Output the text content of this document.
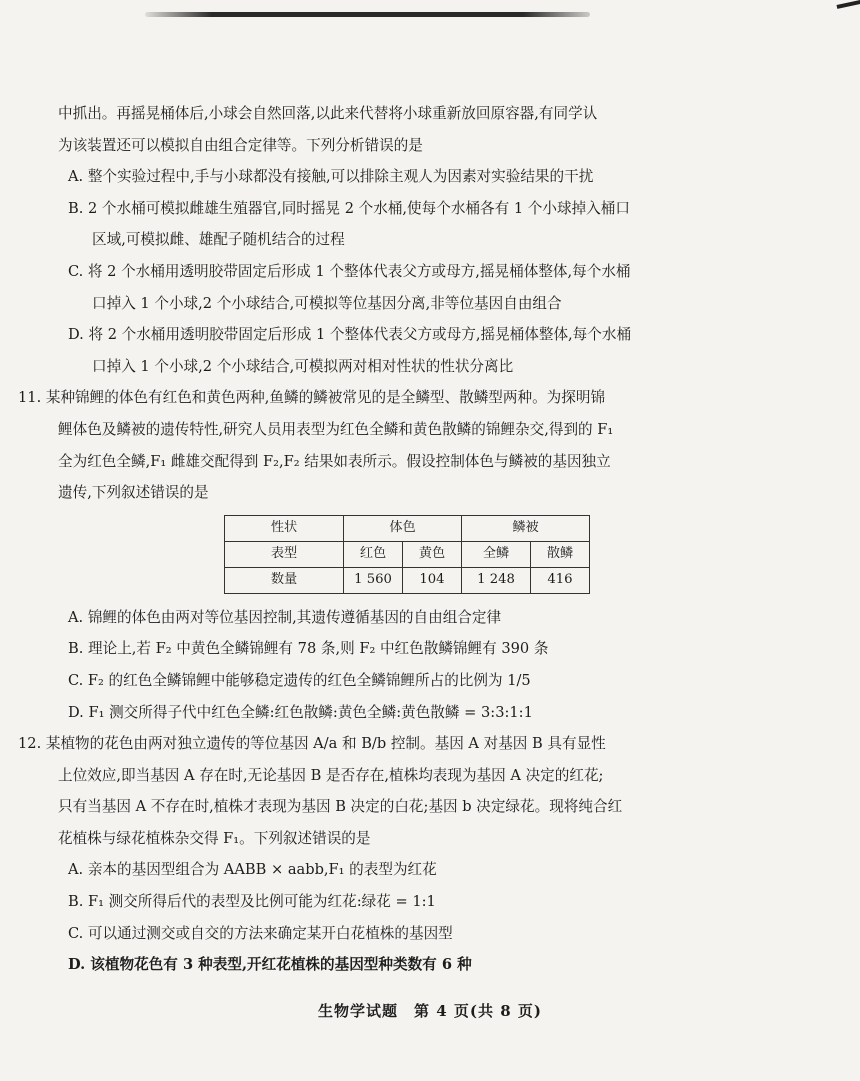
中抓出。再摇晃桶体后,小球会自然回落,以此来代替将小球重新放回原容器,有同学认

为该装置还可以模拟自由组合定律等。下列分析错误的是

A. 整个实验过程中,手与小球都没有接触,可以排除主观人为因素对实验结果的干扰

B. 2 个水桶可模拟雌雄生殖器官,同时摇晃 2 个水桶,使每个水桶各有 1 个小球掉入桶口

区域,可模拟雌、雄配子随机结合的过程

C. 将 2 个水桶用透明胶带固定后形成 1 个整体代表父方或母方,摇晃桶体整体,每个水桶

口掉入 1 个小球,2 个小球结合,可模拟等位基因分离,非等位基因自由组合

D. 将 2 个水桶用透明胶带固定后形成 1 个整体代表父方或母方,摇晃桶体整体,每个水桶

口掉入 1 个小球,2 个小球结合,可模拟两对相对性状的性状分离比

11. 某种锦鲤的体色有红色和黄色两种,鱼鳞的鳞被常见的是全鳞型、散鳞型两种。为探明锦

鲤体色及鳞被的遗传特性,研究人员用表型为红色全鳞和黄色散鳞的锦鲤杂交,得到的 F₁

全为红色全鳞,F₁ 雌雄交配得到 F₂,F₂ 结果如表所示。假设控制体色与鳞被的基因独立

遗传,下列叙述错误的是

性状	体色		鳞被	
表型	红色	黄色	全鳞	散鳞
数量	1 560	104	1 248	416

A. 锦鲤的体色由两对等位基因控制,其遗传遵循基因的自由组合定律

B. 理论上,若 F₂ 中黄色全鳞锦鲤有 78 条,则 F₂ 中红色散鳞锦鲤有 390 条

C. F₂ 的红色全鳞锦鲤中能够稳定遗传的红色全鳞锦鲤所占的比例为 1/5

D. F₁ 测交所得子代中红色全鳞:红色散鳞:黄色全鳞:黄色散鳞 = 3:3:1:1

12. 某植物的花色由两对独立遗传的等位基因 A/a 和 B/b 控制。基因 A 对基因 B 具有显性

上位效应,即当基因 A 存在时,无论基因 B 是否存在,植株均表现为基因 A 决定的红花;

只有当基因 A 不存在时,植株才表现为基因 B 决定的白花;基因 b 决定绿花。现将纯合红

花植株与绿花植株杂交得 F₁。下列叙述错误的是

A. 亲本的基因型组合为 AABB × aabb,F₁ 的表型为红花

B. F₁ 测交所得后代的表型及比例可能为红花:绿花 = 1:1

C. 可以通过测交或自交的方法来确定某开白花植株的基因型

D. 该植物花色有 3 种表型,开红花植株的基因型种类数有 6 种

生物学试题　第 4 页(共 8 页)
